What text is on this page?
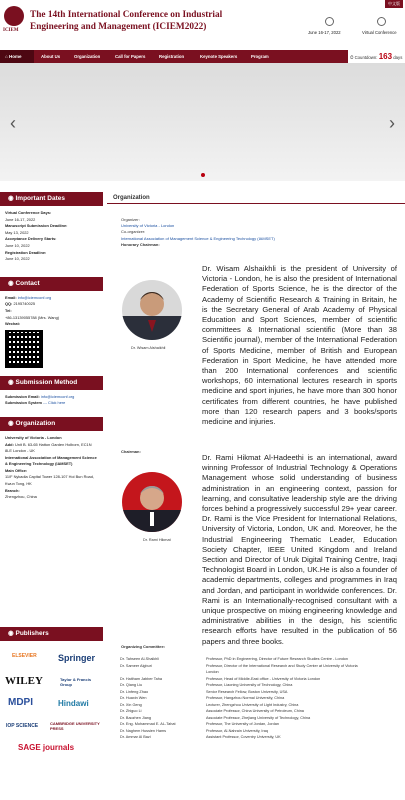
ICIEM
The 14th International Conference on Industrial Engineering and Management (ICIEM2022)
中文版
June 16-17, 2022	Virtual Conference
⌂ Home	About Us	Organization	Call for Papers	Registration	Keynote Speakers	Program	⏱ Countdown: 163 days
‹	›
◉ Important Dates
Virtual Conference Days:
June 16-17, 2022
Manuscript Submission Deadline:
May 13, 2022
Acceptance Delivery Starts:
June 10, 2022
Registration Deadline:
June 10, 2022
◉ Contact
Email: info@iciemconf.org
QQ: 2195740025
Tel:
+86-13139055788 (Mrs. Wang)
Wechat:
◉ Submission Method
Submission Email: info@iciemconf.org
Submission System --- Click here
◉ Organization
University of Victoria - London
Add: Unit B. 63-65 Hatton Garden Holborn, EC1N 8LE London - UK
International Association of Management Science & Engineering Technology (IAMSET)
Main Office:
11/F Nykadia Capital Tower 128-107 Hoi Bun Road, Kwun Tong, HK
Branch:
Zhengzhou, China
◉ Publishers
ELSEVIER Springer
WILEY	Taylor & Francis Group
MDPI	Hindawi
IOP SCIENCE	CAMBRIDGE UNIVERSITY PRESS
SAGE journals
Organization
Organizer:
University of Victoria - London
Co-organizer:
International Association of Management Science & Engineering Technology (IAMSET)
Honorary Chairman:
Dr. Wisam Alshaikhli
Dr. Wisam Alshaikhli is the president of University of Victoria - London, he is also the president of International Federation of Sports Science, he is the director of the Academy of Scientific Research & Training in Britain, he is the Secretary General of Arab Academy of Physical Education and Sport Sciences, member of scientific committees & International scientific (More than 38 Scientific journal), member of the International Federation of Sports Medicine, member of British and European Federation in Sport Medicine, he have attended more than 200 International conferences and scientific workshops, 60 international lectures research in sports medicine and sport injuries, he have more than 300 honor certificates from different countries, he have published more than 120 research papers and 3 books/sports medicine and injuries.
Chairman:
Dr. Rami Hikmat
Dr. Rami Hikmat Al-Hadeethi is an international, award winning Professor of Industrial Technology & Operations Management whose solid understanding of business administration in an engineering context, passion for learning, and consultative leadership style are the driving forces behind a progressively successful 29+ year career. Dr. Rami is the Vice President for International Relations, University of Victoria, London, UK and. Moreover, he the Industrial Engineering Thematic Leader, Education Society Chapter, IEEE United Kingdom and Ireland Section and Director of Uruk Digital Training Centre, Iraqi Technologist Board in London, UK.He is also a founder of academic departments, colleges and programmes in Iraq and Jordan, and participant in worldwide conferences. Dr. Rami is an Internationally-recognised consultant with a unique prospective on mixing engineering knowledge and administrative abilities in the design, his scientific research efforts have resulted in the publication of 56 papers and three books.
Organizing Committee:
Dr. Tahseen Al-Shaikhli	Professor, PhD in Engineering, Director of Future Research Studies Centre - London
Dr. Sameer Algburi	Professor, Director of the International Research and Study Center at University of Victoria London
Dr. Haitham Jabber Taha	Professor, Head of Middle-East office - University of Victoria London
Dr. Qiang Liu	Professor, Liaoning University of Technology, China
Dr. Linfeng Zhao	Senior Research Fellow, Boston University, USA
Dr. Huaxin Wen	Professor, Hangzhou Normal University, China
Dr. Xin Geng	Lecturer, Zhengzhou University of Light Industry, China
Dr. Zhiguo Li	Associate Professor, China University of Petroleum, China
Dr. Baozhen Jiang	Associate Professor, Zhejiang University of Technology, China
Dr. Eng. Mohammad E. AL-Tahat	Professor, The University of Jordan, Jordan
Dr. Naghem Hussien Hams	Professor, Al-Nahrain University, Iraq
Dr. Ammar Al Bazi	Assistant Professor, Coventry University, UK
